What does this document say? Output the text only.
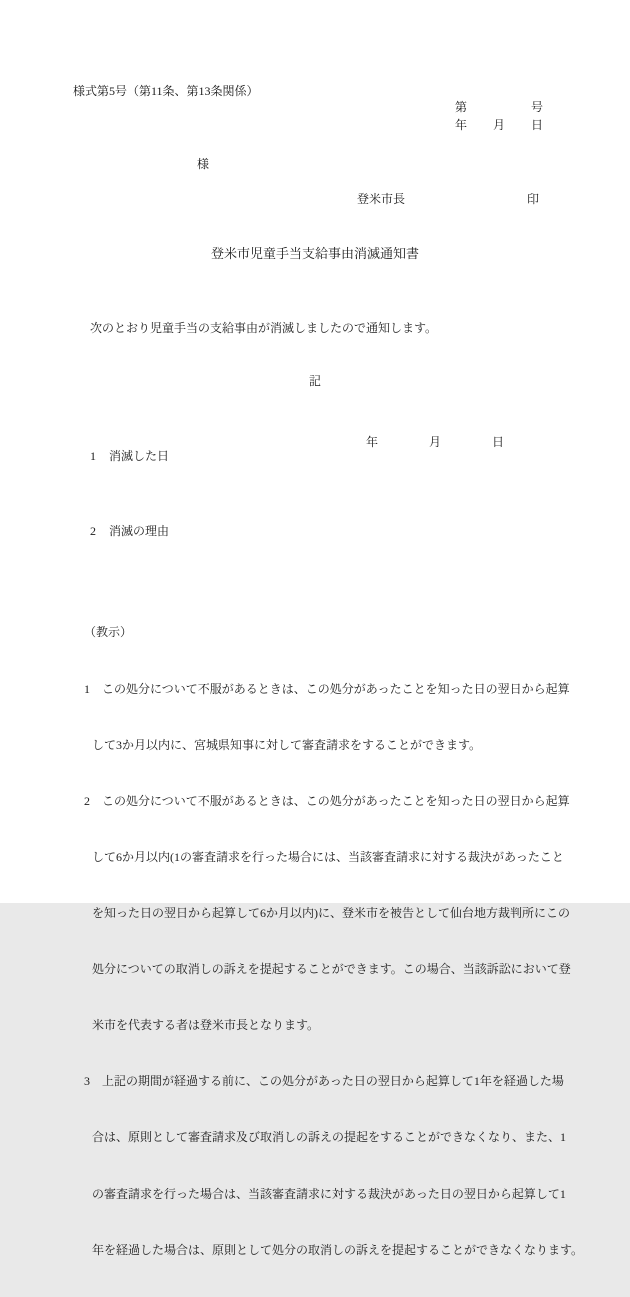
様式第5号（第11条、第13条関係）
第	号
年 月 日
様

登米市長

	印

登米市児童手当支給事由消滅通知書
次のとおり児童手当の支給事由が消滅しましたので通知します。
記

1 消滅した日

年	月	日

2 消滅の理由

（教示）

1　この処分について不服があるときは、この処分があったことを知った日の翌日から起算

して3か月以内に、宮城県知事に対して審査請求をすることができます。

2　この処分について不服があるときは、この処分があったことを知った日の翌日から起算

して6か月以内(1の審査請求を行った場合には、当該審査請求に対する裁決があったこと

を知った日の翌日から起算して6か月以内)に、登米市を被告として仙台地方裁判所にこの

処分についての取消しの訴えを提起することができます。この場合、当該訴訟において登

米市を代表する者は登米市長となります。

3　上記の期間が経過する前に、この処分があった日の翌日から起算して1年を経過した場

合は、原則として審査請求及び取消しの訴えの提起をすることができなくなり、また、1

の審査請求を行った場合は、当該審査請求に対する裁決があった日の翌日から起算して1

年を経過した場合は、原則として処分の取消しの訴えを提起することができなくなります。
